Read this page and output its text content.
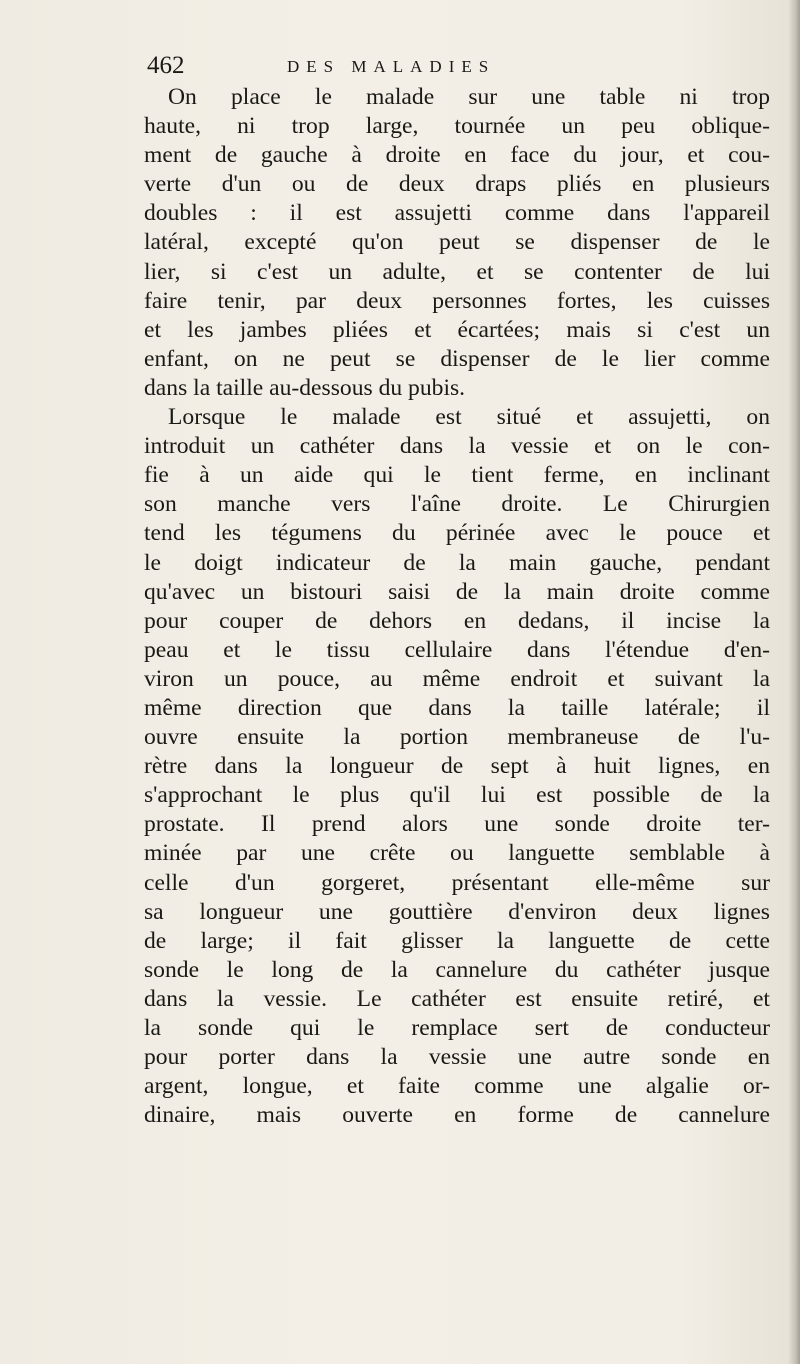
462	DES MALADIES
On place le malade sur une table ni trop
haute, ni trop large, tournée un peu oblique-
ment de gauche à droite en face du jour, et cou-
verte d'un ou de deux draps pliés en plusieurs
doubles : il est assujetti comme dans l'appareil
latéral, excepté qu'on peut se dispenser de le
lier, si c'est un adulte, et se contenter de lui
faire tenir, par deux personnes fortes, les cuisses
et les jambes pliées et écartées; mais si c'est un
enfant, on ne peut se dispenser de le lier comme
dans la taille au-dessous du pubis.
Lorsque le malade est situé et assujetti, on
introduit un cathéter dans la vessie et on le con-
fie à un aide qui le tient ferme, en inclinant
son manche vers l'aîne droite. Le Chirurgien
tend les tégumens du périnée avec le pouce et
le doigt indicateur de la main gauche, pendant
qu'avec un bistouri saisi de la main droite comme
pour couper de dehors en dedans, il incise la
peau et le tissu cellulaire dans l'étendue d'en-
viron un pouce, au même endroit et suivant la
même direction que dans la taille latérale; il
ouvre ensuite la portion membraneuse de l'u-
rètre dans la longueur de sept à huit lignes, en
s'approchant le plus qu'il lui est possible de la
prostate. Il prend alors une sonde droite ter-
minée par une crête ou languette semblable à
celle d'un gorgeret, présentant elle-même sur
sa longueur une gouttière d'environ deux lignes
de large; il fait glisser la languette de cette
sonde le long de la cannelure du cathéter jusque
dans la vessie. Le cathéter est ensuite retiré, et
la sonde qui le remplace sert de conducteur
pour porter dans la vessie une autre sonde en
argent, longue, et faite comme une algalie or-
dinaire, mais ouverte en forme de cannelure
